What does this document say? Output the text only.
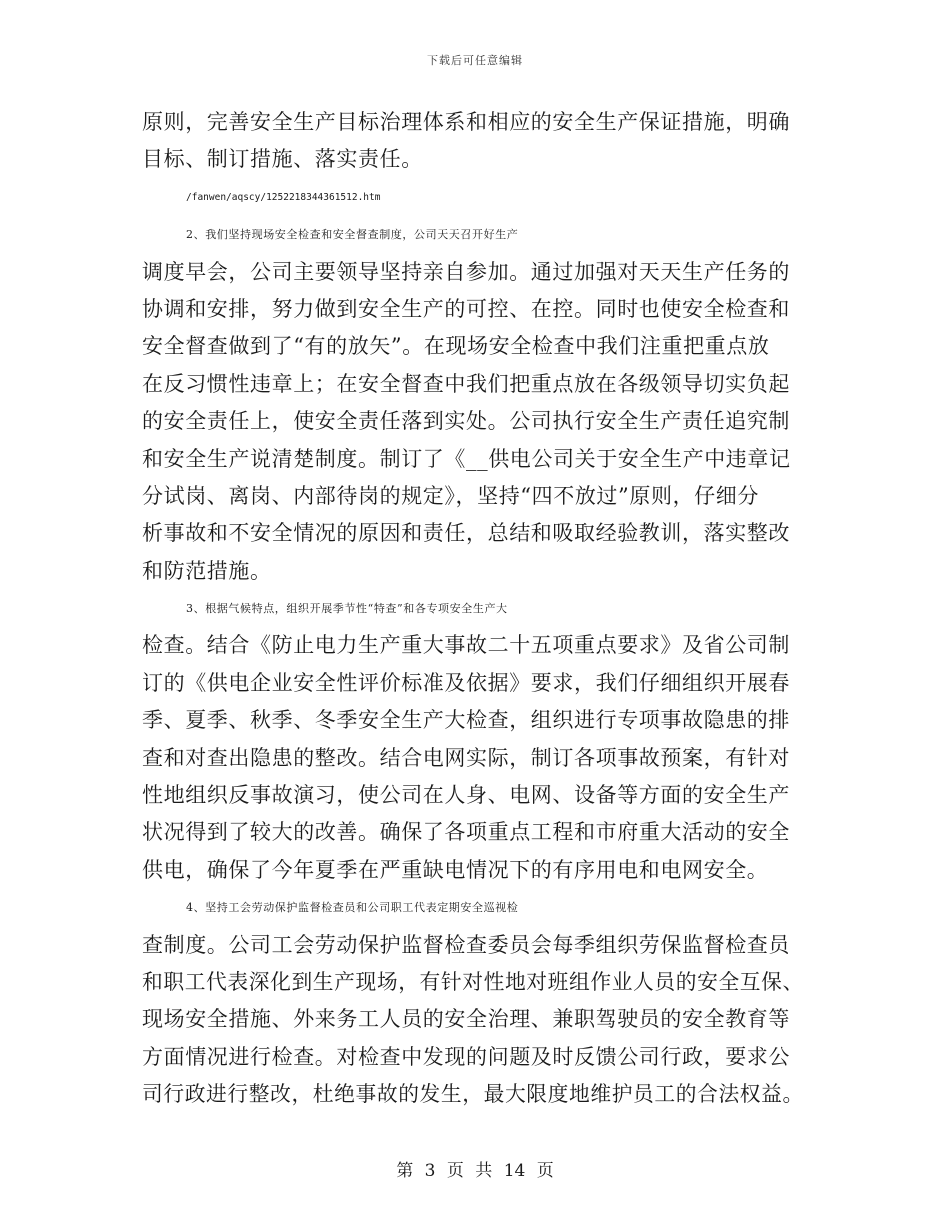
下载后可任意编辑
原则，完善安全生产目标治理体系和相应的安全生产保证措施，明确
目标、制订措施、落实责任。
/fanwen/aqscy/1252218344361512.htm
2、我们坚持现场安全检查和安全督查制度，公司天天召开好生产
调度早会，公司主要领导坚持亲自参加。通过加强对天天生产任务的
协调和安排，努力做到安全生产的可控、在控。同时也使安全检查和
安全督查做到了“有的放矢”。在现场安全检查中我们注重把重点放
在反习惯性违章上；在安全督查中我们把重点放在各级领导切实负起
的安全责任上，使安全责任落到实处。公司执行安全生产责任追究制
和安全生产说清楚制度。制订了《__供电公司关于安全生产中违章记
分试岗、离岗、内部待岗的规定》，坚持“四不放过”原则，仔细分
析事故和不安全情况的原因和责任，总结和吸取经验教训，落实整改
和防范措施。
3、根据气候特点，组织开展季节性“特查”和各专项安全生产大
检查。结合《防止电力生产重大事故二十五项重点要求》及省公司制
订的《供电企业安全性评价标准及依据》要求，我们仔细组织开展春
季、夏季、秋季、冬季安全生产大检查，组织进行专项事故隐患的排
查和对查出隐患的整改。结合电网实际，制订各项事故预案，有针对
性地组织反事故演习，使公司在人身、电网、设备等方面的安全生产
状况得到了较大的改善。确保了各项重点工程和市府重大活动的安全
供电，确保了今年夏季在严重缺电情况下的有序用电和电网安全。
4、坚持工会劳动保护监督检查员和公司职工代表定期安全巡视检
查制度。公司工会劳动保护监督检查委员会每季组织劳保监督检查员
和职工代表深化到生产现场，有针对性地对班组作业人员的安全互保、
现场安全措施、外来务工人员的安全治理、兼职驾驶员的安全教育等
方面情况进行检查。对检查中发现的问题及时反馈公司行政，要求公
司行政进行整改，杜绝事故的发生，最大限度地维护员工的合法权益。
第 3 页 共 14 页
